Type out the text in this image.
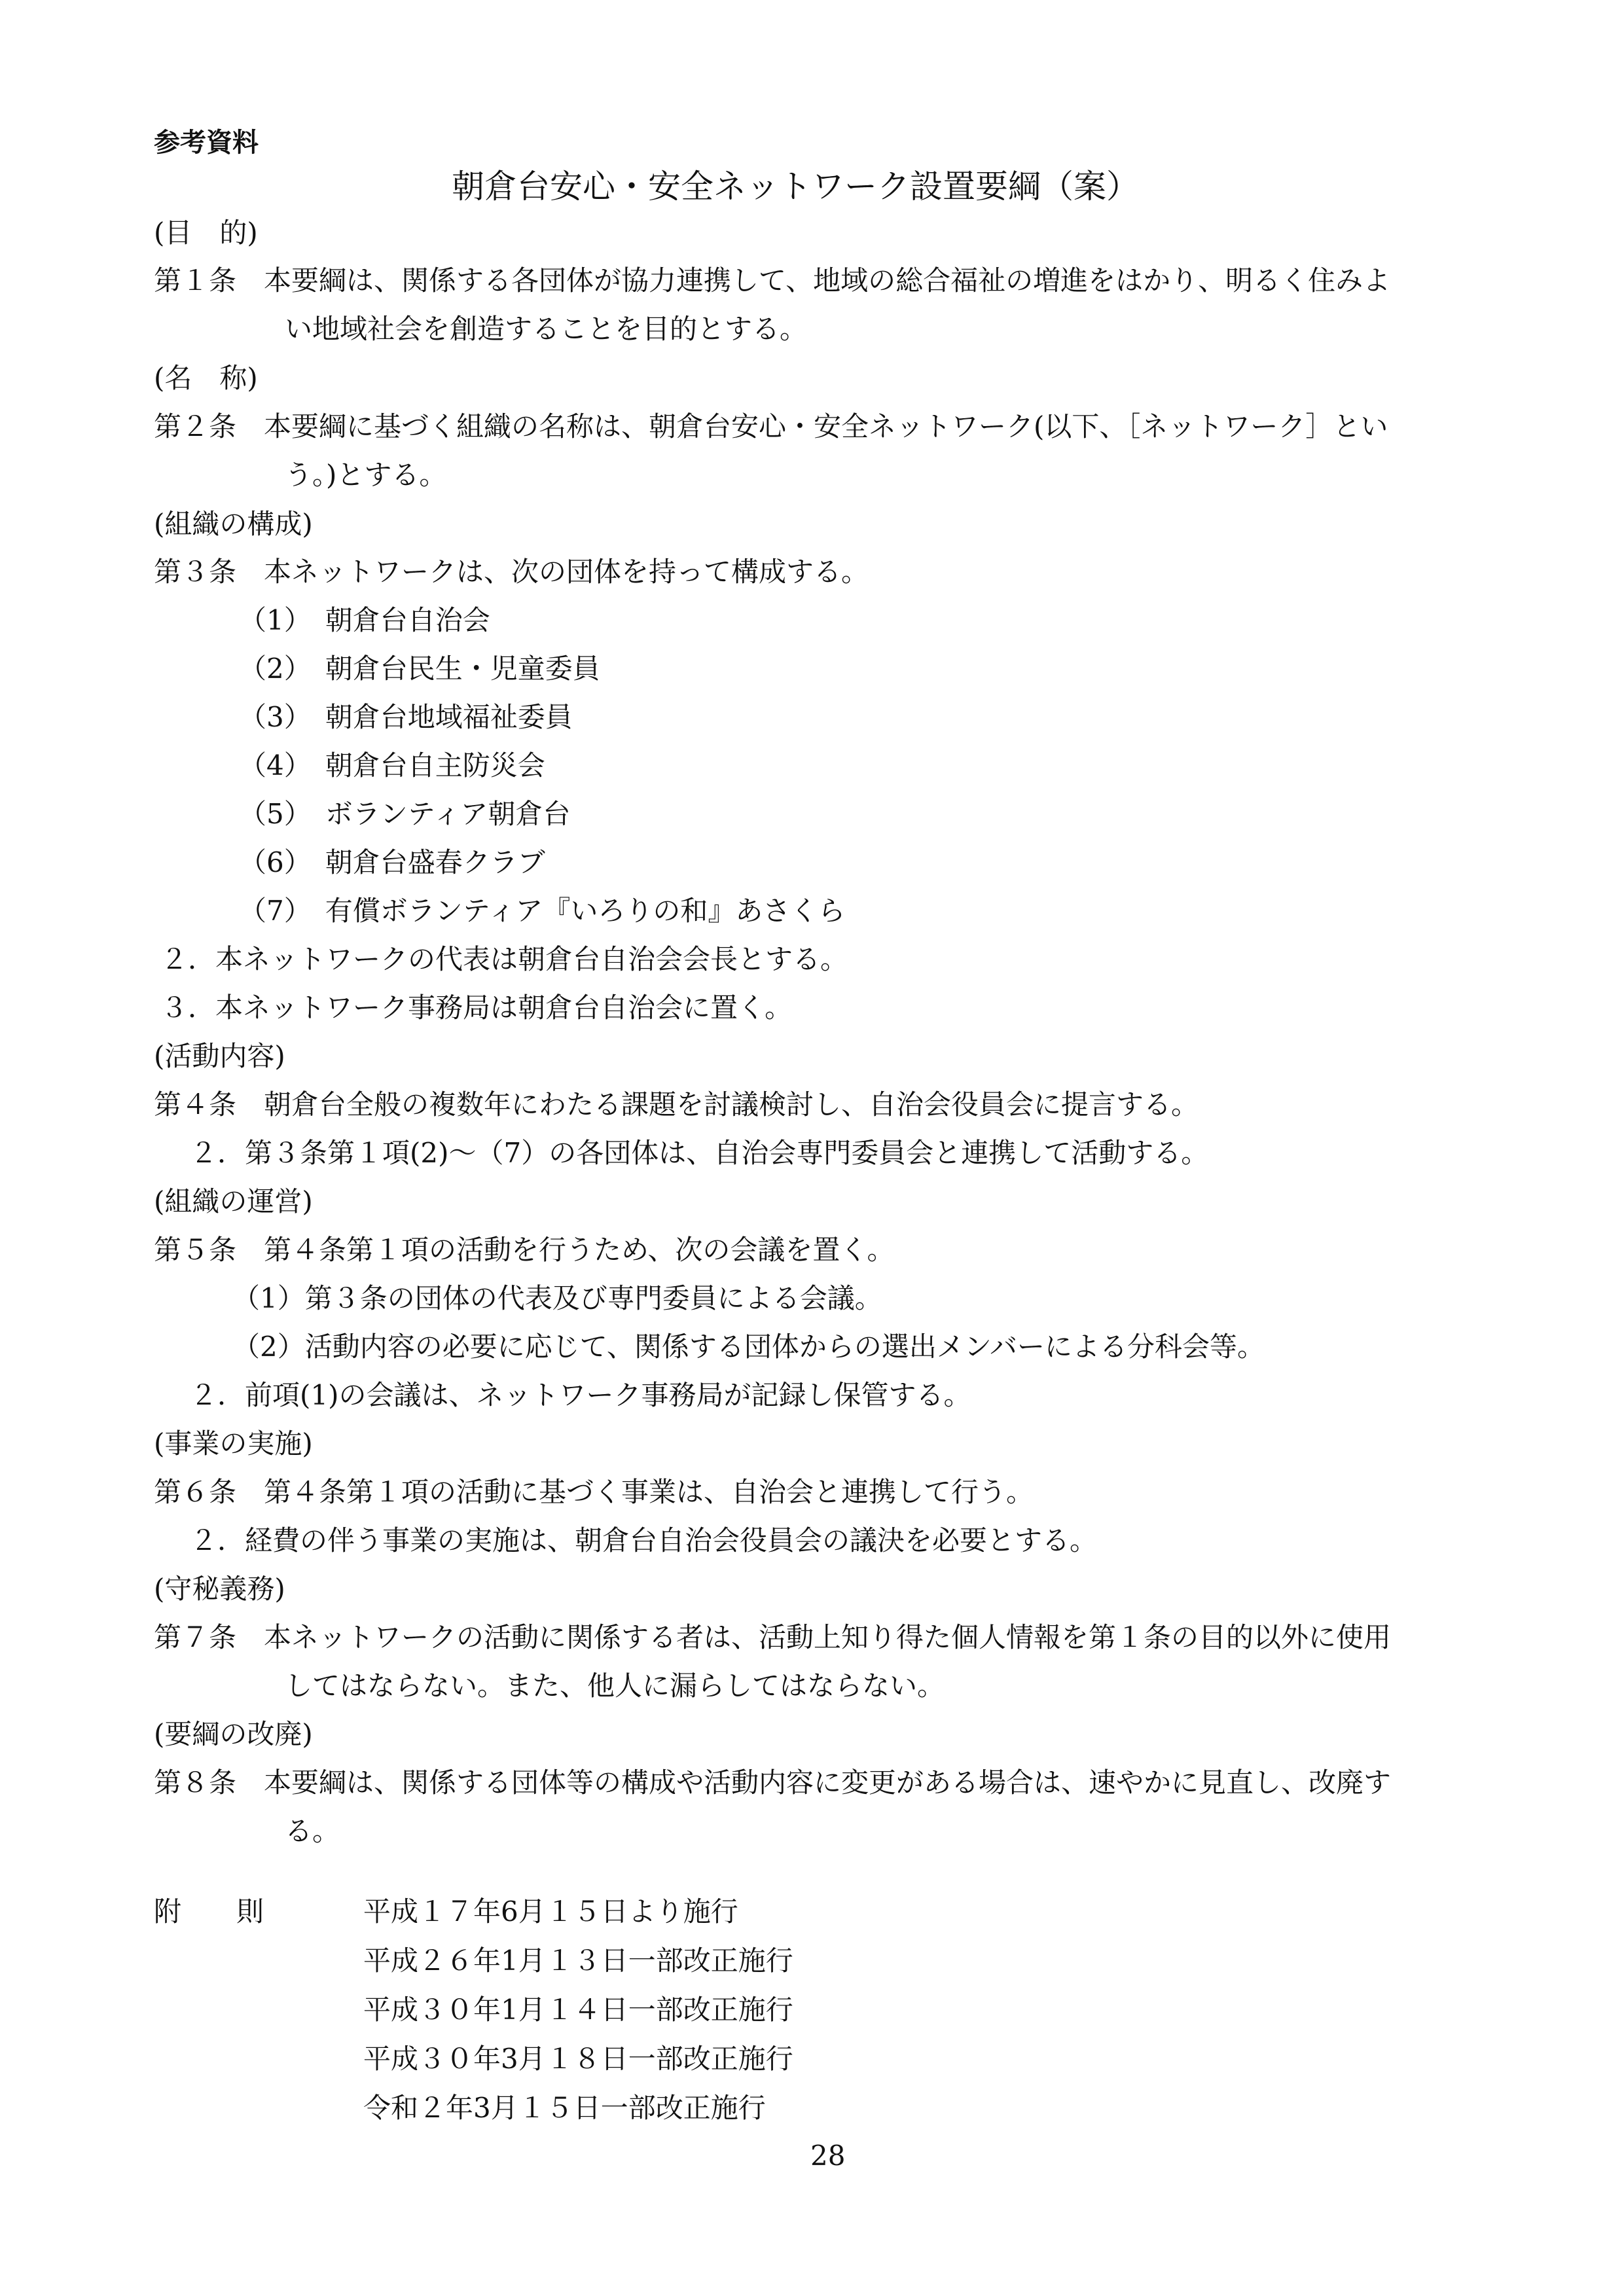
参考資料
朝倉台安心・安全ネットワーク設置要綱（案）
(目　的)
第１条　本要綱は、関係する各団体が協力連携して、地域の総合福祉の増進をはかり、明るく住みよ
い地域社会を創造することを目的とする。
(名　称)
第２条　本要綱に基づく組織の名称は、朝倉台安心・安全ネットワーク(以下、［ネットワーク］とい
う。)とする。
(組織の構成)
第３条　本ネットワークは、次の団体を持って構成する。
（1）　朝倉台自治会
（2）　朝倉台民生・児童委員
（3）　朝倉台地域福祉委員
（4）　朝倉台自主防災会
（5）　ボランティア朝倉台
（6）　朝倉台盛春クラブ
（7）　有償ボランティア『いろりの和』あさくら
２．本ネットワークの代表は朝倉台自治会会長とする。
３．本ネットワーク事務局は朝倉台自治会に置く。
(活動内容)
第４条　朝倉台全般の複数年にわたる課題を討議検討し、自治会役員会に提言する。
２．第３条第１項(2)～（7）の各団体は、自治会専門委員会と連携して活動する。
(組織の運営)
第５条　第４条第１項の活動を行うため、次の会議を置く。
（1）第３条の団体の代表及び専門委員による会議。
（2）活動内容の必要に応じて、関係する団体からの選出メンバーによる分科会等。
２．前項(1)の会議は、ネットワーク事務局が記録し保管する。
(事業の実施)
第６条　第４条第１項の活動に基づく事業は、自治会と連携して行う。
２．経費の伴う事業の実施は、朝倉台自治会役員会の議決を必要とする。
(守秘義務)
第７条　本ネットワークの活動に関係する者は、活動上知り得た個人情報を第１条の目的以外に使用
してはならない。また、他人に漏らしてはならない。
(要綱の改廃)
第８条　本要綱は、関係する団体等の構成や活動内容に変更がある場合は、速やかに見直し、改廃す
る。
附　　則	平成１７年6月１５日より施行
平成２６年1月１３日一部改正施行
平成３０年1月１４日一部改正施行
平成３０年3月１８日一部改正施行
令和２年3月１５日一部改正施行
28
